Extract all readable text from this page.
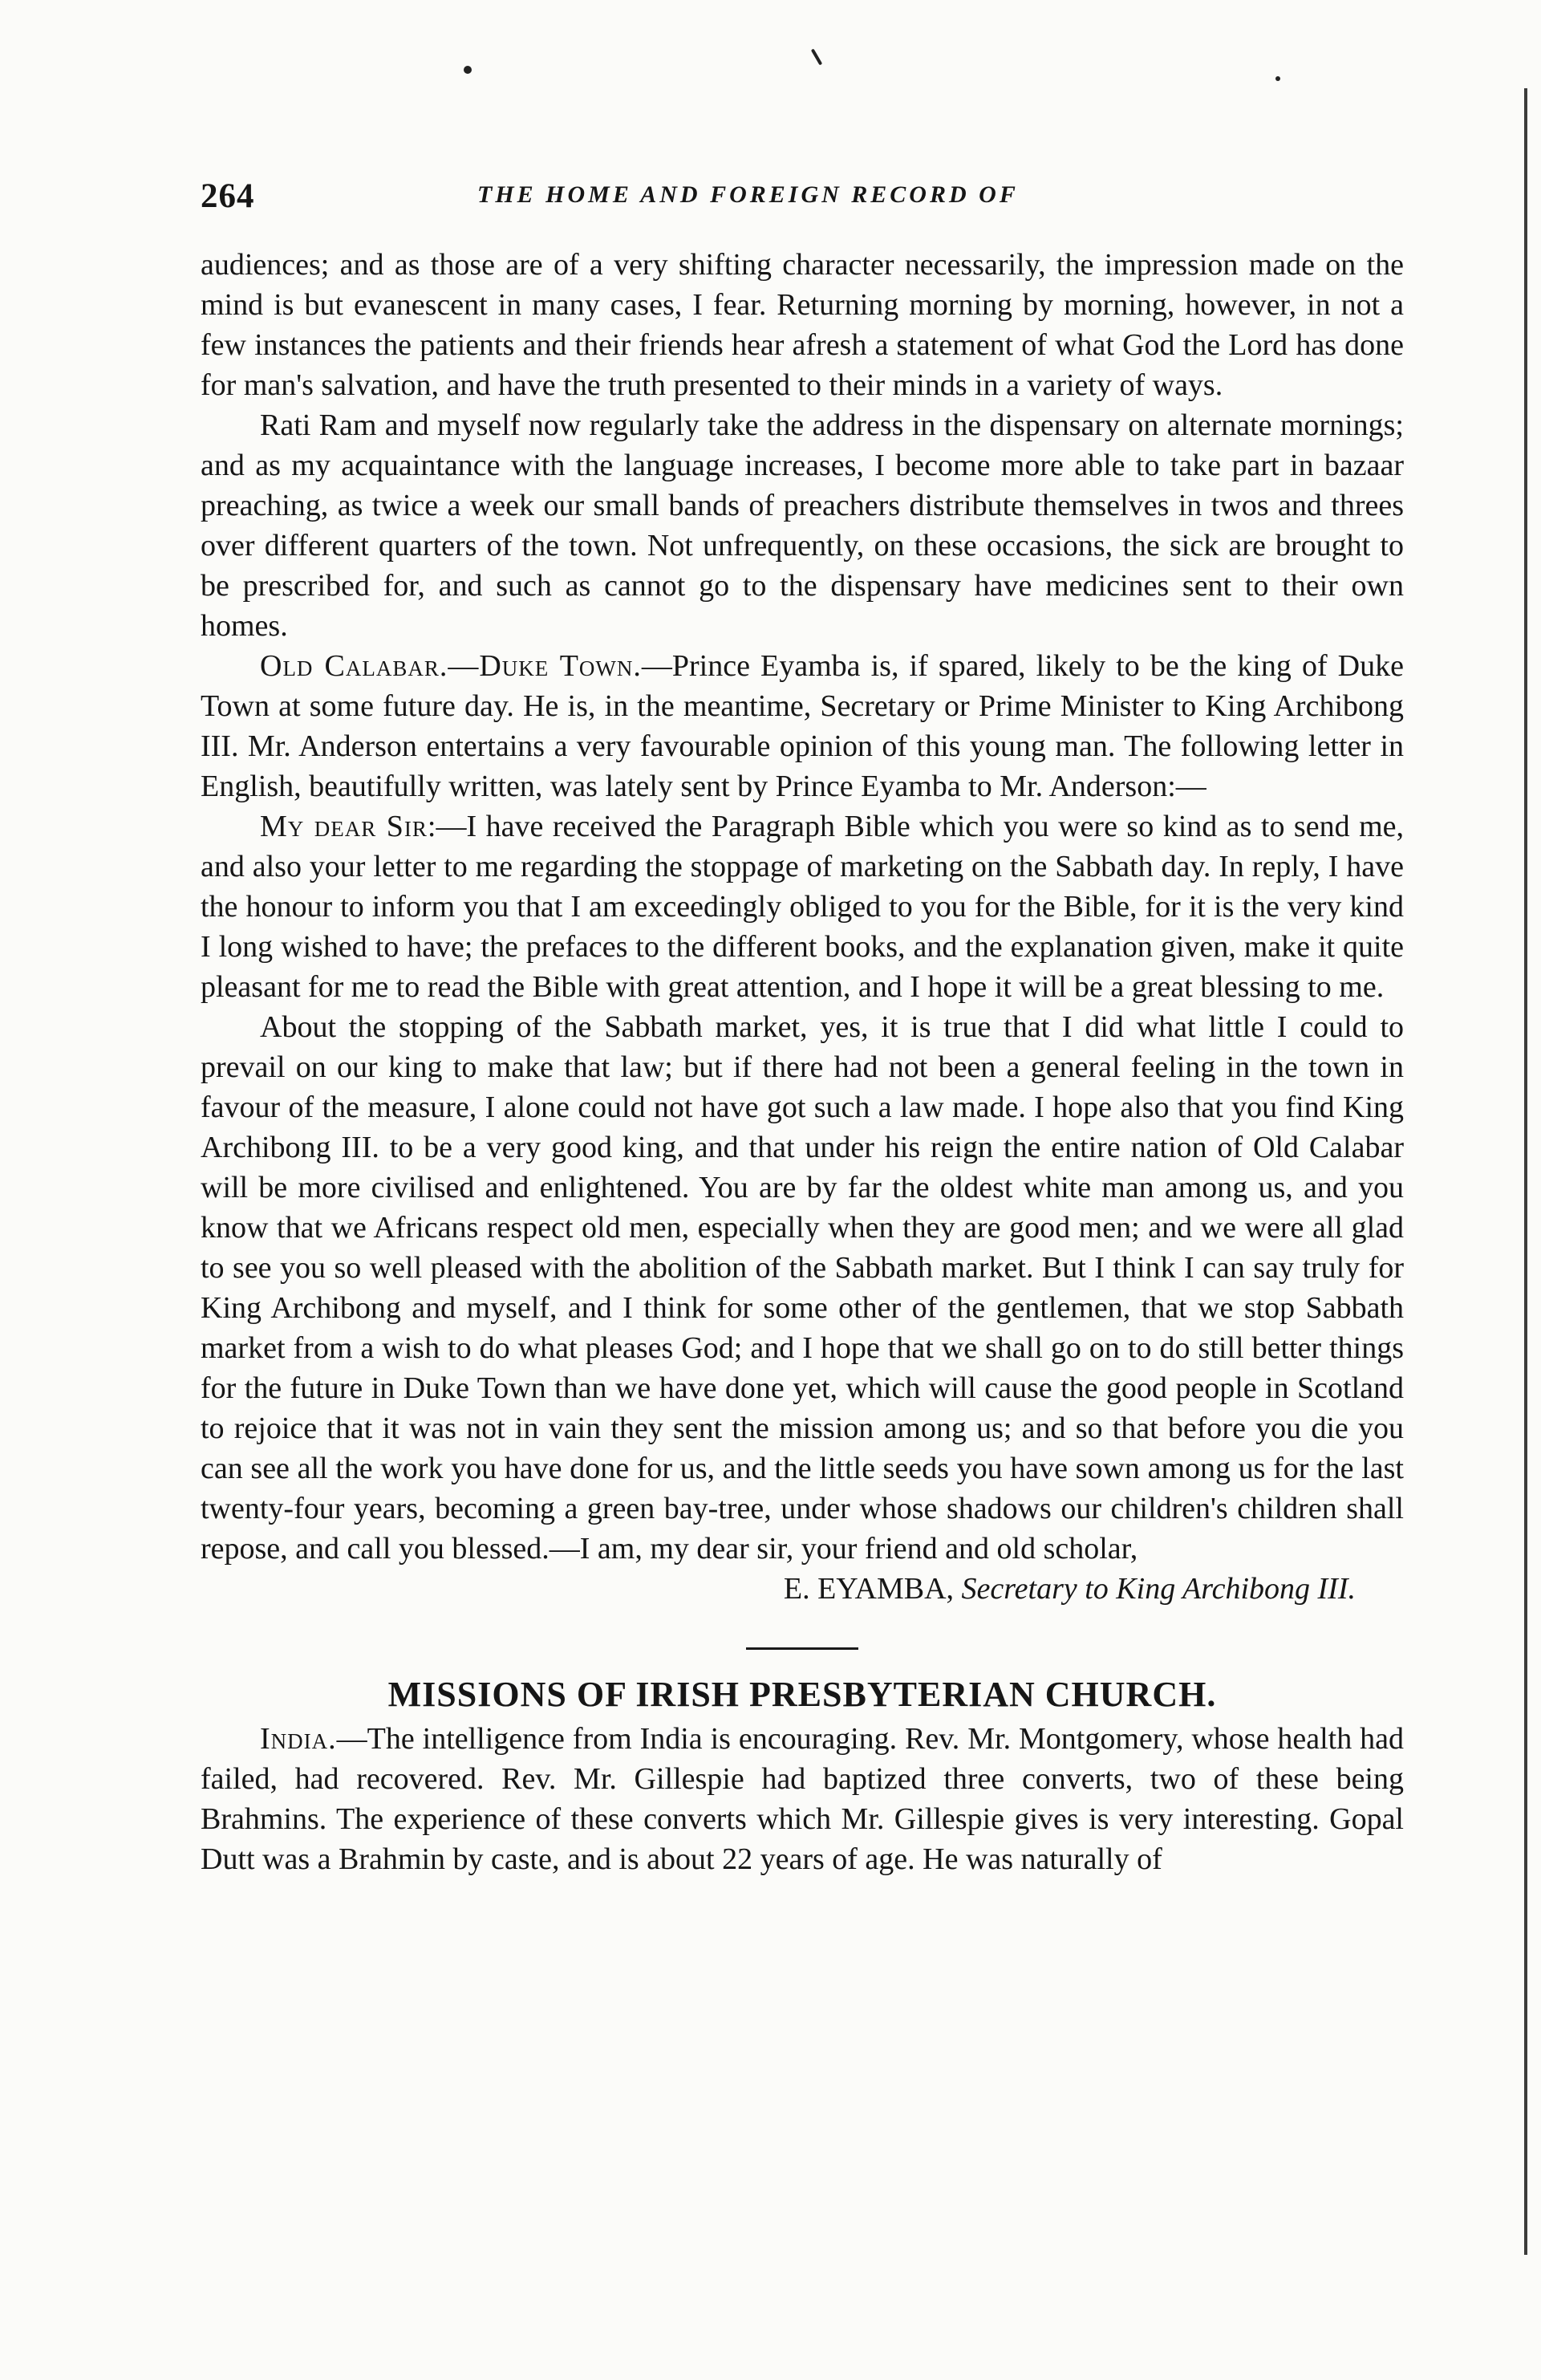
264	THE HOME AND FOREIGN RECORD OF

audiences; and as those are of a very shifting character necessarily, the impression made on the mind is but evanescent in many cases, I fear. Returning morning by morning, however, in not a few instances the patients and their friends hear afresh a statement of what God the Lord has done for man's salvation, and have the truth presented to their minds in a variety of ways.

Rati Ram and myself now regularly take the address in the dispensary on alternate mornings; and as my acquaintance with the language increases, I become more able to take part in bazaar preaching, as twice a week our small bands of preachers distribute themselves in twos and threes over different quarters of the town. Not unfrequently, on these occasions, the sick are brought to be prescribed for, and such as cannot go to the dispensary have medicines sent to their own homes.

Old Calabar.—Duke Town.—Prince Eyamba is, if spared, likely to be the king of Duke Town at some future day. He is, in the meantime, Secretary or Prime Minister to King Archibong III. Mr. Anderson entertains a very favourable opinion of this young man. The following letter in English, beautifully written, was lately sent by Prince Eyamba to Mr. Anderson:—

My dear Sir:—I have received the Paragraph Bible which you were so kind as to send me, and also your letter to me regarding the stoppage of marketing on the Sabbath day. In reply, I have the honour to inform you that I am exceedingly obliged to you for the Bible, for it is the very kind I long wished to have; the prefaces to the different books, and the explanation given, make it quite pleasant for me to read the Bible with great attention, and I hope it will be a great blessing to me.

About the stopping of the Sabbath market, yes, it is true that I did what little I could to prevail on our king to make that law; but if there had not been a general feeling in the town in favour of the measure, I alone could not have got such a law made. I hope also that you find King Archibong III. to be a very good king, and that under his reign the entire nation of Old Calabar will be more civilised and enlightened. You are by far the oldest white man among us, and you know that we Africans respect old men, especially when they are good men; and we were all glad to see you so well pleased with the abolition of the Sabbath market. But I think I can say truly for King Archibong and myself, and I think for some other of the gentlemen, that we stop Sabbath market from a wish to do what pleases God; and I hope that we shall go on to do still better things for the future in Duke Town than we have done yet, which will cause the good people in Scotland to rejoice that it was not in vain they sent the mission among us; and so that before you die you can see all the work you have done for us, and the little seeds you have sown among us for the last twenty-four years, becoming a green bay-tree, under whose shadows our children's children shall repose, and call you blessed.—I am, my dear sir, your friend and old scholar,

E. EYAMBA, Secretary to King Archibong III.

MISSIONS OF IRISH PRESBYTERIAN CHURCH.

India.—The intelligence from India is encouraging. Rev. Mr. Montgomery, whose health had failed, had recovered. Rev. Mr. Gillespie had baptized three converts, two of these being Brahmins. The experience of these converts which Mr. Gillespie gives is very interesting. Gopal Dutt was a Brahmin by caste, and is about 22 years of age. He was naturally of
